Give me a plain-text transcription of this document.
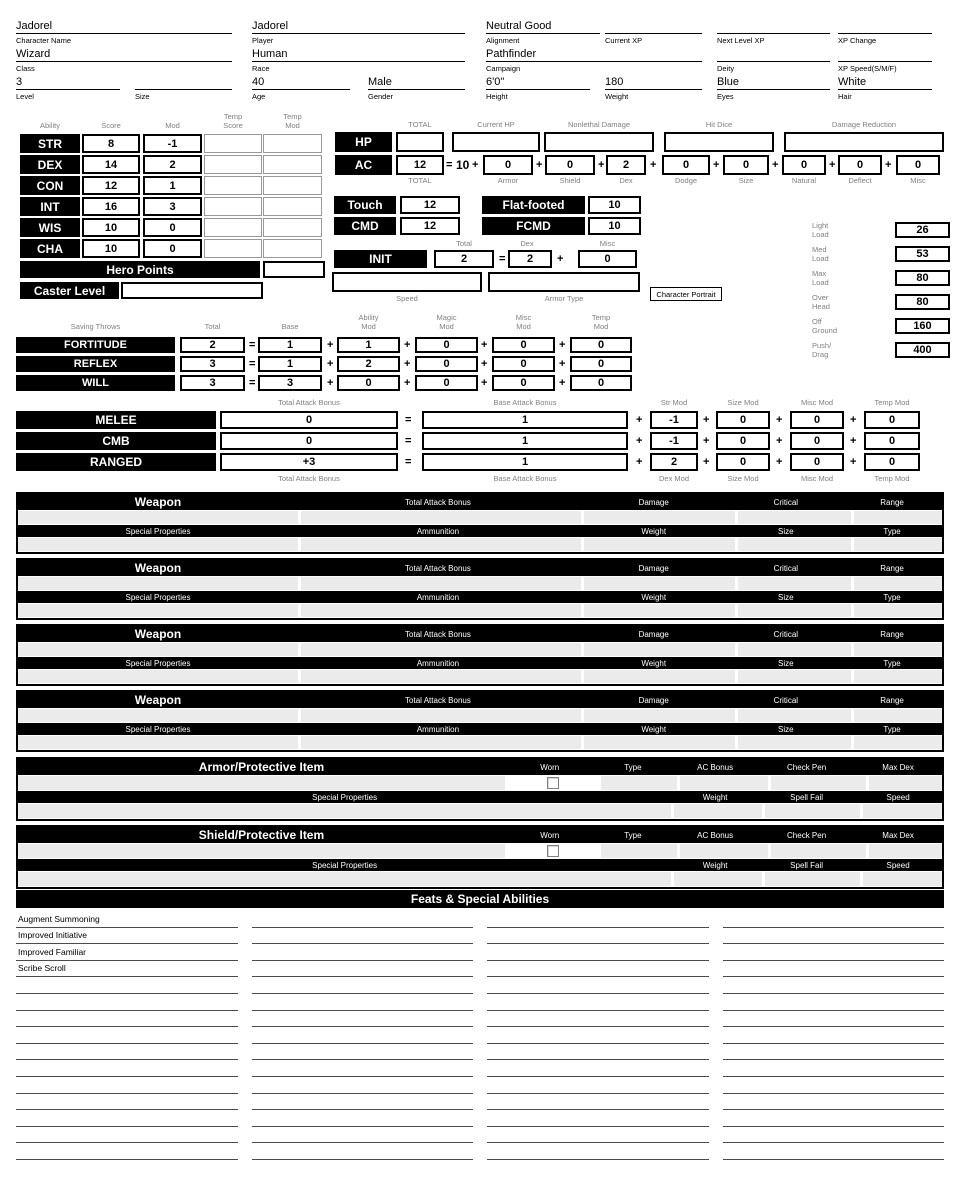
Jadorel
Character Name
Jadorel
Player
Neutral Good
Alignment	Current XP	Next Level XP	XP Change
Wizard
Class
Human
Race
Pathfinder
Campaign	Deity	XP Speed(S/M/F)
3
Level	Size
40
Age
Male
Gender
6'0"
Height
180
Weight
Blue
Eyes
White
Hair
Ability	Score	Mod
Temp
Score
Temp
Mod
STR	8	-1
DEX	14	2
CON	12	1
INT	16	3
WIS	10	0
CHA	10	0
Hero Points
Caster Level
TOTAL	Current HP	Nonlethal Damage	Hit Dice	Damage Reduction
HP
AC	12	= 10 +	0	+	0	+	2	+	0	+	0	+	0	+	0	+	0
TOTAL	Armor	Shield	Dex	Dodge	Size	Natural	Deflect	Misc
Touch	12	Flat-footed	10
CMD	12	FCMD	10
Total	Dex	Misc
INIT	2	=	2	+	0
Speed	Armor Type	Character Portrait
Light
Load	26
Med
Load	53
Max
Load	80
Over
Head	80
Off
Ground	160
Push/
Drag	400
Saving Throws	Total	Base
Ability
Mod
Magic
Mod
Misc
Mod
Temp
Mod
FORTITUDE	2	=	1	+	1	+	0	+	0	+	0
REFLEX	3	=	1	+	2	+	0	+	0	+	0
WILL	3	=	3	+	0	+	0	+	0	+	0
Total Attack Bonus	Base Attack Bonus	Str Mod	Size Mod	Misc Mod	Temp Mod
MELEE	0	=	1	+	-1	+	0	+	0	+	0
CMB	0	=	1	+	-1	+	0	+	0	+	0
RANGED	+3	=	1	+	2	+	0	+	0	+	0
Total Attack Bonus	Base Attack Bonus	Dex Mod	Size Mod	Misc Mod	Temp Mod
Weapon	Total Attack Bonus	Damage	Critical	Range
Special Properties	Ammunition	Weight	Size	Type
Weapon	Total Attack Bonus	Damage	Critical	Range
Special Properties	Ammunition	Weight	Size	Type
Weapon	Total Attack Bonus	Damage	Critical	Range
Special Properties	Ammunition	Weight	Size	Type
Weapon	Total Attack Bonus	Damage	Critical	Range
Special Properties	Ammunition	Weight	Size	Type
Armor/Protective Item	Worn	Type	AC Bonus	Check Pen	Max Dex
Special Properties	Weight	Spell Fail	Speed
Shield/Protective Item	Worn	Type	AC Bonus	Check Pen	Max Dex
Special Properties	Weight	Spell Fail	Speed
Feats & Special Abilities
Augment Summoning
Improved Initiative
Improved Familiar
Scribe Scroll
